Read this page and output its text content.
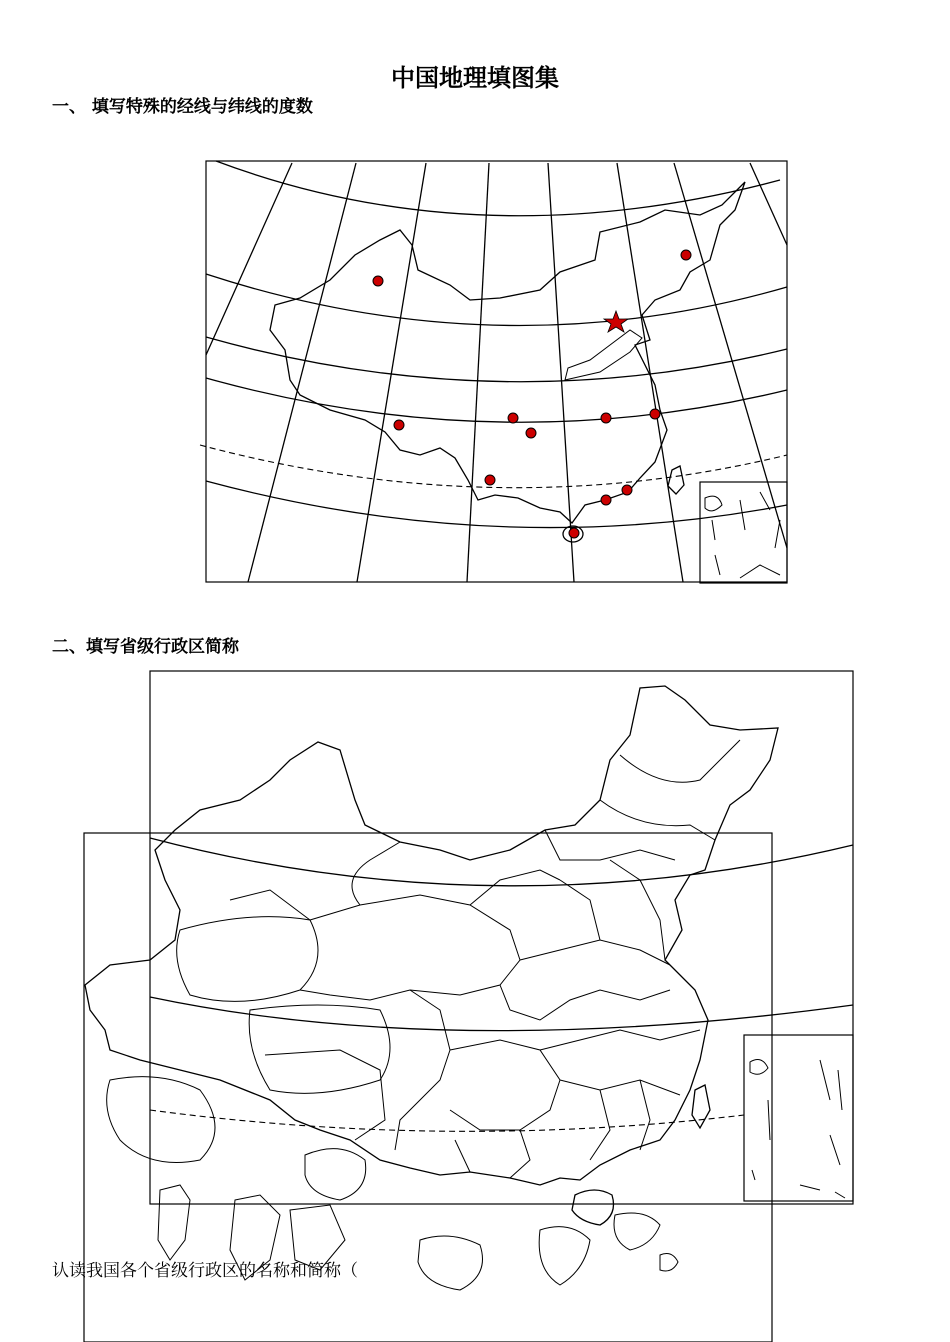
中国地理填图集
一、 填写特殊的经线与纬线的度数
二、填写省级行政区简称
认读我国各个省级行政区的名称和简称（
